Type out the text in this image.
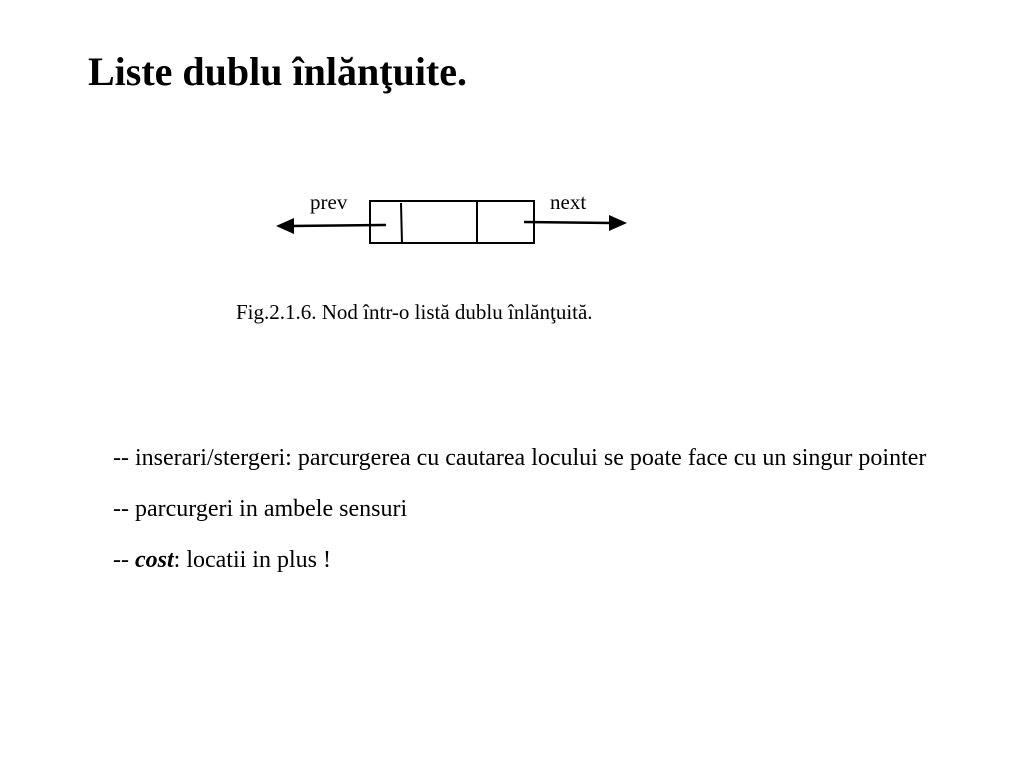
Liste dublu înlănţuite.
prev	next
Fig.2.1.6. Nod într-o listă dublu înlănţuită.

-- inserari/stergeri: parcurgerea cu cautarea locului se poate face cu un singur pointer

-- parcurgeri in ambele sensuri

-- cost: locatii in plus !
